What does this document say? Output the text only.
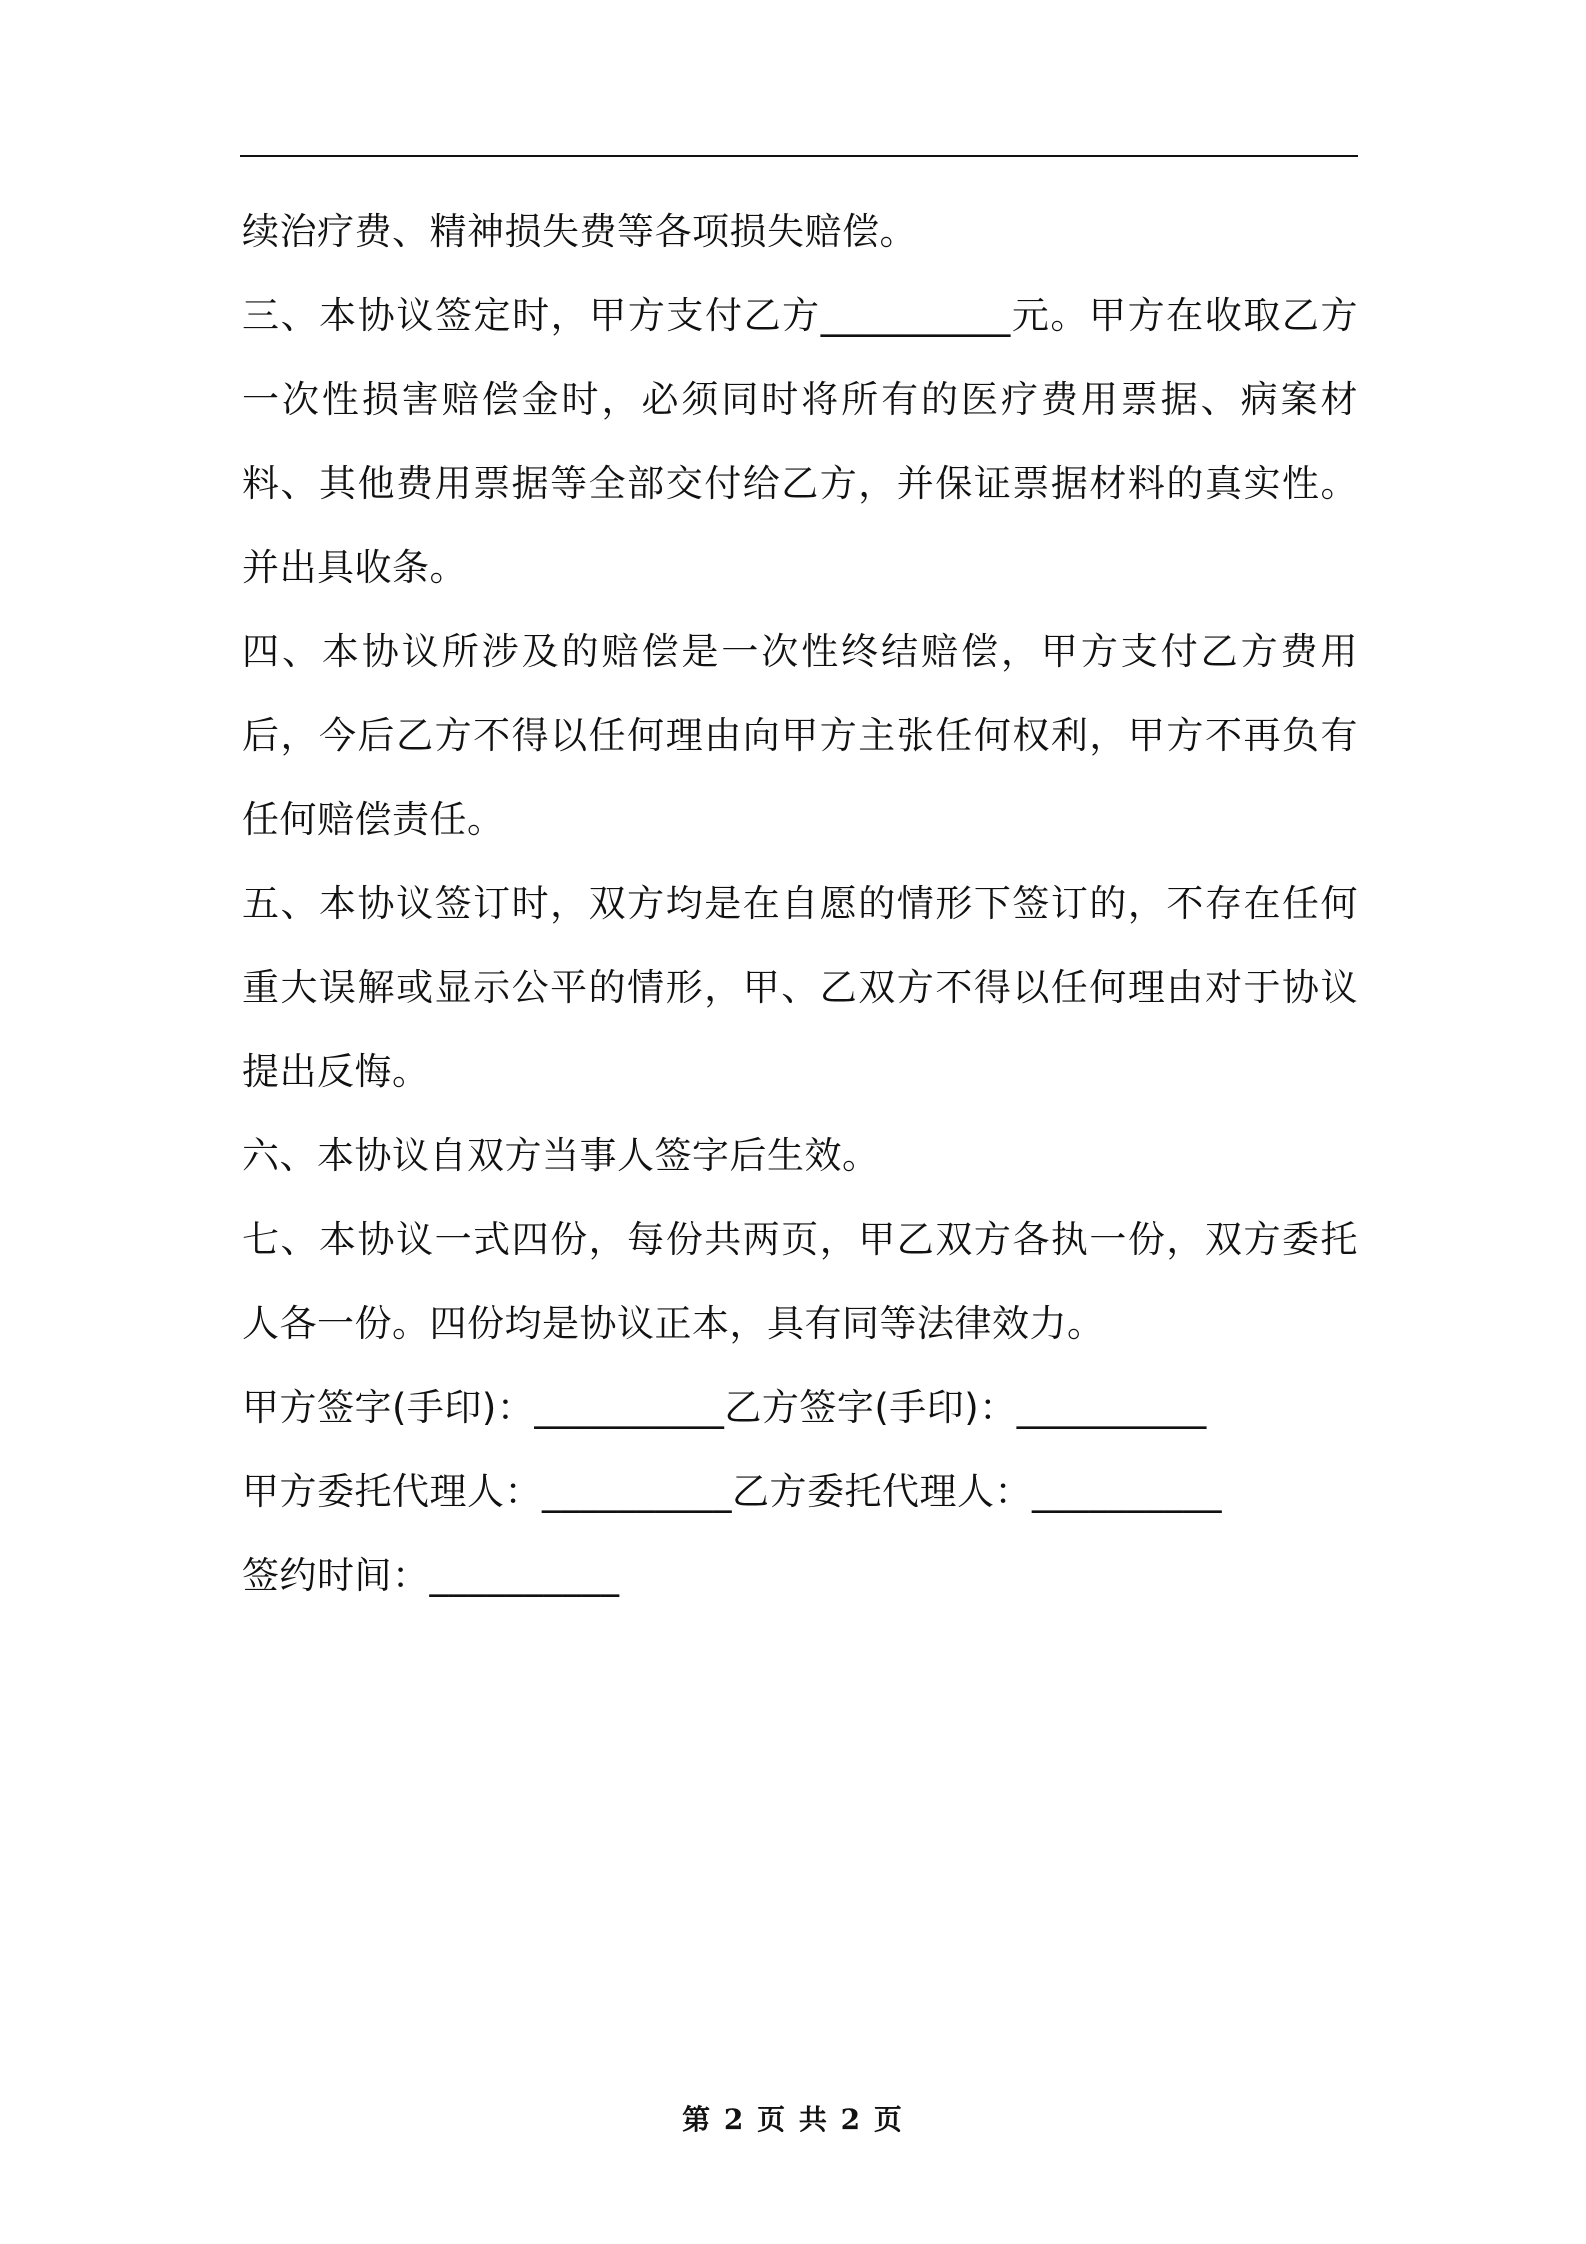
续治疗费、精神损失费等各项损失赔偿。

三、本协议签定时，甲方支付乙方__________元。甲方在收取乙方一次性损害赔偿金时，必须同时将所有的医疗费用票据、病案材料、其他费用票据等全部交付给乙方，并保证票据材料的真实性。并出具收条。

四、本协议所涉及的赔偿是一次性终结赔偿，甲方支付乙方费用后，今后乙方不得以任何理由向甲方主张任何权利，甲方不再负有任何赔偿责任。

五、本协议签订时，双方均是在自愿的情形下签订的，不存在任何重大误解或显示公平的情形，甲、乙双方不得以任何理由对于协议提出反悔。

六、本协议自双方当事人签字后生效。

七、本协议一式四份，每份共两页，甲乙双方各执一份，双方委托人各一份。四份均是协议正本，具有同等法律效力。

甲方签字(手印)：__________乙方签字(手印)：__________

甲方委托代理人：__________乙方委托代理人：__________

签约时间：__________

第 2 页 共 2 页
